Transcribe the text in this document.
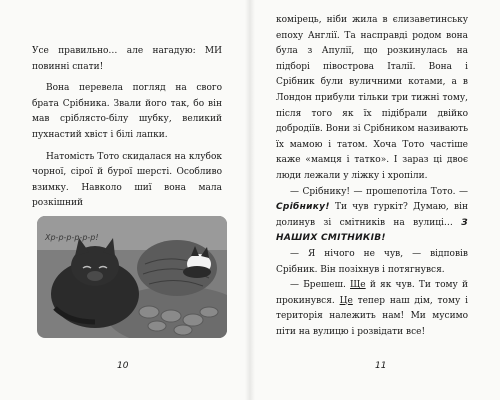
Усе правильно… але нагадую: МИ повинні спати!

Вона перевела погляд на свого брата Срібника. Звали його так, бо він мав сріблясто-білу шубку, великий пухнастий хвіст і білі лапки.

Натомість Тото скидалася на клубок чорної, сірої й бурої шерсті. Особливо взимку. Навколо шиї вона мала розкішний

Хр-р-р-р-р-р!
10

комірець, ніби жила в єлизаветинську епоху Англії. Та насправді родом вона була з Апулії, що розкинулась на підборі півострова Італії. Вона і Срібник були вуличними котами, а в Лондон прибули тільки три тижні тому, після того як їх підібрали двійко добродіїв. Вони зі Срібником називають їх мамою і татом. Хоча Тото частіше каже «мамця і татко». І зараз ці двоє люди лежали у ліжку і хропіли.

— Срібнику! — прошепотіла Тото. — Срібнику! Ти чув гуркіт? Думаю, він долинув зі смітників на вулиці… З НАШИХ СМІТНИКІВ!

— Я нічого не чув, — відповів Срібник. Він позіхнув і потягнувся.

— Брешеш. Ще й як чув. Ти тому й прокинувся. Це тепер наш дім, тому і територія належить нам! Ми мусимо піти на вулицю і розвідати все!

11
